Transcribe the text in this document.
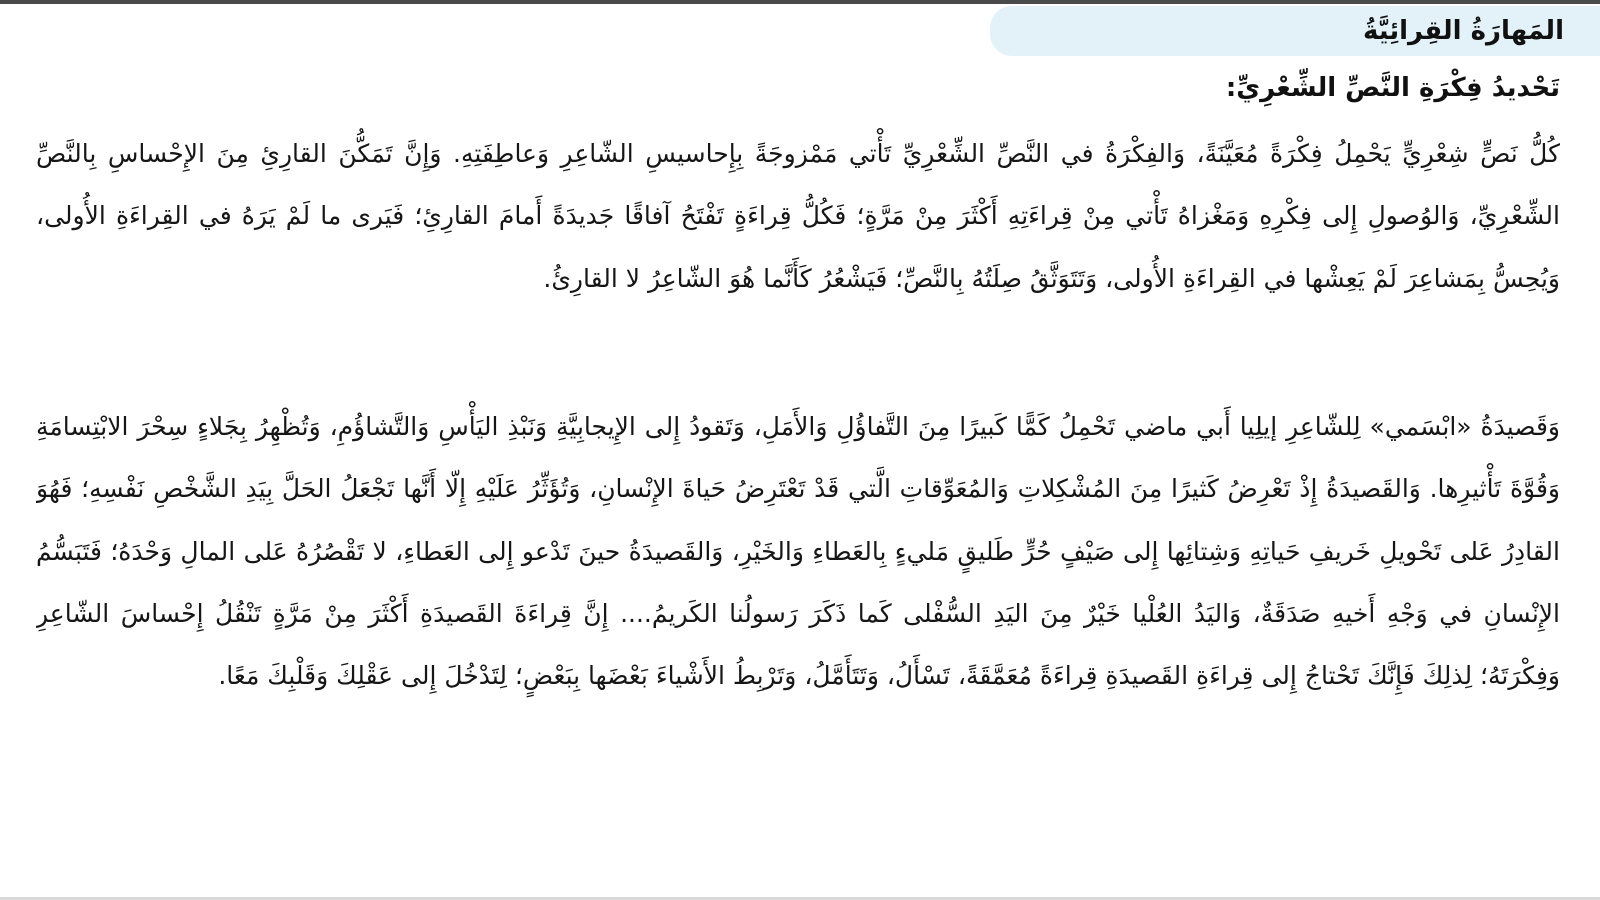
المَهارَةُ القِرائِيَّةُ
تَحْديدُ فِكْرَةِ النَّصِّ الشِّعْرِيِّ:

كُلُّ نَصٍّ شِعْرِيٍّ يَحْمِلُ فِكْرَةً مُعَيَّنَةً، وَالفِكْرَةُ في النَّصِّ الشِّعْرِيِّ تَأْتي مَمْزوجَةً بِإِحاسيسِ الشّاعِرِ وَعاطِفَتِهِ. وَإِنَّ تَمَكُّنَ القارِئِ مِنَ الإِحْساسِ بِالنَّصِّ الشِّعْرِيِّ، وَالوُصولِ إِلى فِكْرِهِ وَمَغْزاهُ تَأْتي مِنْ قِراءَتِهِ أَكْثَرَ مِنْ مَرَّةٍ؛ فَكُلُّ قِراءَةٍ تَفْتَحُ آفاقًا جَديدَةً أَمامَ القارِئِ؛ فَيَرى ما لَمْ يَرَهُ في القِراءَةِ الأُولى، وَيُحِسُّ بِمَشاعِرَ لَمْ يَعِشْها في القِراءَةِ الأُولى، وَتَتَوَثَّقُ صِلَتُهُ بِالنَّصِّ؛ فَيَشْعُرُ كَأَنَّما هُوَ الشّاعِرُ لا القارِئُ.

وَقَصيدَةُ «ابْسَمي» لِلشّاعِرِ إيلِيا أَبي ماضي تَحْمِلُ كَمًّا كَبيرًا مِنَ التَّفاؤُلِ وَالأَمَلِ، وَتَقودُ إِلى الإِيجابِيَّةِ وَنَبْذِ اليَأْسِ وَالتَّشاؤُمِ، وَتُظْهِرُ بِجَلاءٍ سِحْرَ الابْتِسامَةِ وَقُوَّةَ تَأْثيرِها. وَالقَصيدَةُ إِذْ تَعْرِضُ كَثيرًا مِنَ المُشْكِلاتِ وَالمُعَوِّقاتِ الَّتي قَدْ تَعْتَرِضُ حَياةَ الإِنْسانِ، وَتُؤَثِّرُ عَلَيْهِ إِلّا أَنَّها تَجْعَلُ الحَلَّ بِيَدِ الشَّخْصِ نَفْسِهِ؛ فَهُوَ القادِرُ عَلى تَحْويلِ خَريفِ حَياتِهِ وَشِتائِها إِلى صَيْفٍ حُرٍّ طَليقٍ مَليءٍ بِالعَطاءِ وَالخَيْرِ، وَالقَصيدَةُ حينَ تَدْعو إِلى العَطاءِ، لا تَقْصُرُهُ عَلى المالِ وَحْدَهُ؛ فَتَبَسُّمُ الإِنْسانِ في وَجْهِ أَخيهِ صَدَقَةٌ، وَاليَدُ العُلْيا خَيْرٌ مِنَ اليَدِ السُّفْلى كَما ذَكَرَ رَسولُنا الكَريمُ.... إِنَّ قِراءَةَ القَصيدَةِ أَكْثَرَ مِنْ مَرَّةٍ تَنْقُلُ إِحْساسَ الشّاعِرِ وَفِكْرَتَهُ؛ لِذلِكَ فَإِنَّكَ تَحْتاجُ إِلى قِراءَةِ القَصيدَةِ قِراءَةً مُعَمَّقَةً، تَسْأَلُ، وَتَتَأَمَّلُ، وَتَرْبِطُ الأَشْياءَ بَعْضَها بِبَعْضٍ؛ لِتَدْخُلَ إِلى عَقْلِكَ وَقَلْبِكَ مَعًا.
